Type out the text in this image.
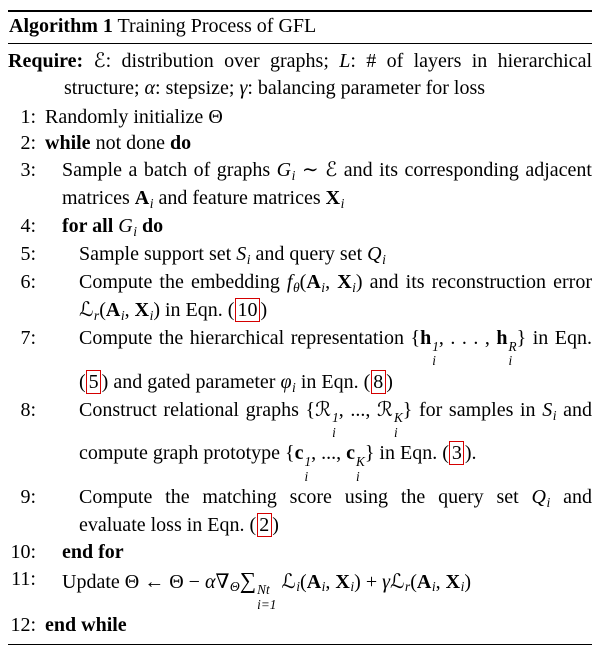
Algorithm 1 Training Process of GFL
Require: ℰ: distribution over graphs; L: # of layers in hierarchical structure; α: stepsize; γ: balancing parameter for loss
1: Randomly initialize Θ
2: while not done do
3:	Sample a batch of graphs Gi ∼ ℰ and its corresponding adjacent matrices Ai and feature matrices Xi
4:	for all Gi do
5:	Sample support set Si and query set Qi
6:	Compute the embedding fθ(Ai, Xi) and its reconstruction error ℒr(Ai, Xi) in Eqn. ( 10 )
7:	Compute the hierarchical representation {h 1
i
, . . . , h R
i
} in Eqn. ( 5 ) and gated parameter φi in Eqn. ( 8 )
8:	Construct relational graphs {ℛ 1
i
, ..., ℛ K
i
} for samples in Si and compute graph prototype {c 1
i
, ..., c K
i
} in Eqn. ( 3 ).
9:	Compute the matching score using the query set Qi and evaluate loss in Eqn. ( 2 )
10:	end for
11:	Update Θ ← Θ − α∇Θ∑ Nt
i=1
ℒi(Ai, Xi) + γℒr(Ai, Xi)
12: end while
